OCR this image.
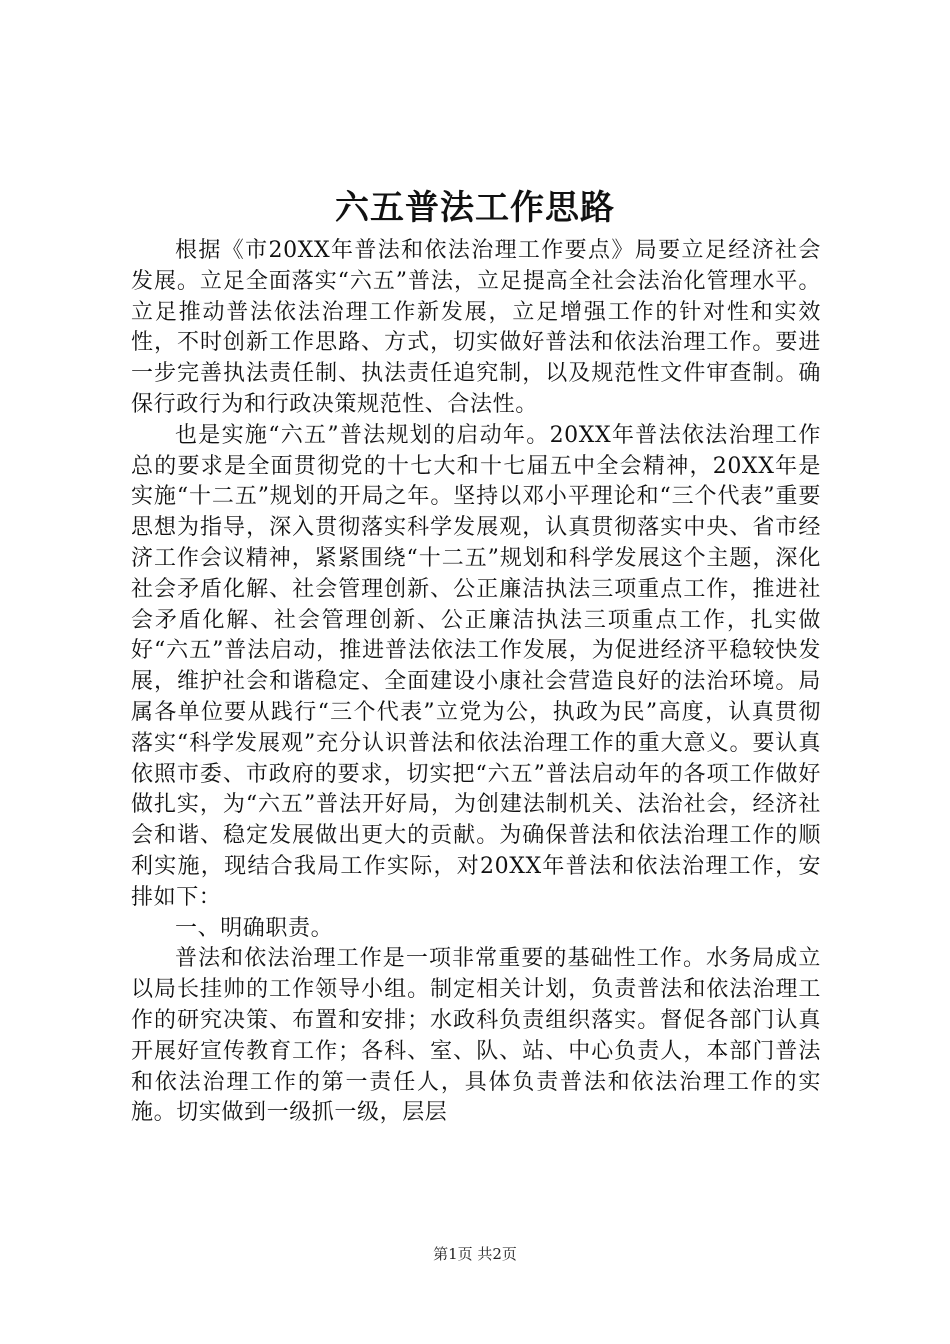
六五普法工作思路

根据《市20XX年普法和依法治理工作要点》局要立足经济社会发展。立足全面落实“六五”普法，立足提高全社会法治化管理水平。立足推动普法依法治理工作新发展，立足增强工作的针对性和实效性，不时创新工作思路、方式，切实做好普法和依法治理工作。要进一步完善执法责任制、执法责任追究制，以及规范性文件审查制。确保行政行为和行政决策规范性、合法性。

也是实施“六五”普法规划的启动年。20XX年普法依法治理工作总的要求是全面贯彻党的十七大和十七届五中全会精神，20XX年是实施“十二五”规划的开局之年。坚持以邓小平理论和“三个代表”重要思想为指导，深入贯彻落实科学发展观，认真贯彻落实中央、省市经济工作会议精神，紧紧围绕“十二五”规划和科学发展这个主题，深化社会矛盾化解、社会管理创新、公正廉洁执法三项重点工作，推进社会矛盾化解、社会管理创新、公正廉洁执法三项重点工作，扎实做好“六五”普法启动，推进普法依法工作发展，为促进经济平稳较快发展，维护社会和谐稳定、全面建设小康社会营造良好的法治环境。局属各单位要从践行“三个代表”立党为公，执政为民”高度，认真贯彻落实“科学发展观”充分认识普法和依法治理工作的重大意义。要认真依照市委、市政府的要求，切实把“六五”普法启动年的各项工作做好做扎实，为“六五”普法开好局，为创建法制机关、法治社会，经济社会和谐、稳定发展做出更大的贡献。为确保普法和依法治理工作的顺利实施，现结合我局工作实际，对20XX年普法和依法治理工作，安排如下：

一、明确职责。

普法和依法治理工作是一项非常重要的基础性工作。水务局成立以局长挂帅的工作领导小组。制定相关计划，负责普法和依法治理工作的研究决策、布置和安排；水政科负责组织落实。督促各部门认真开展好宣传教育工作；各科、室、队、站、中心负责人，本部门普法和依法治理工作的第一责任人，具体负责普法和依法治理工作的实施。切实做到一级抓一级，层层

第1页 共2页
